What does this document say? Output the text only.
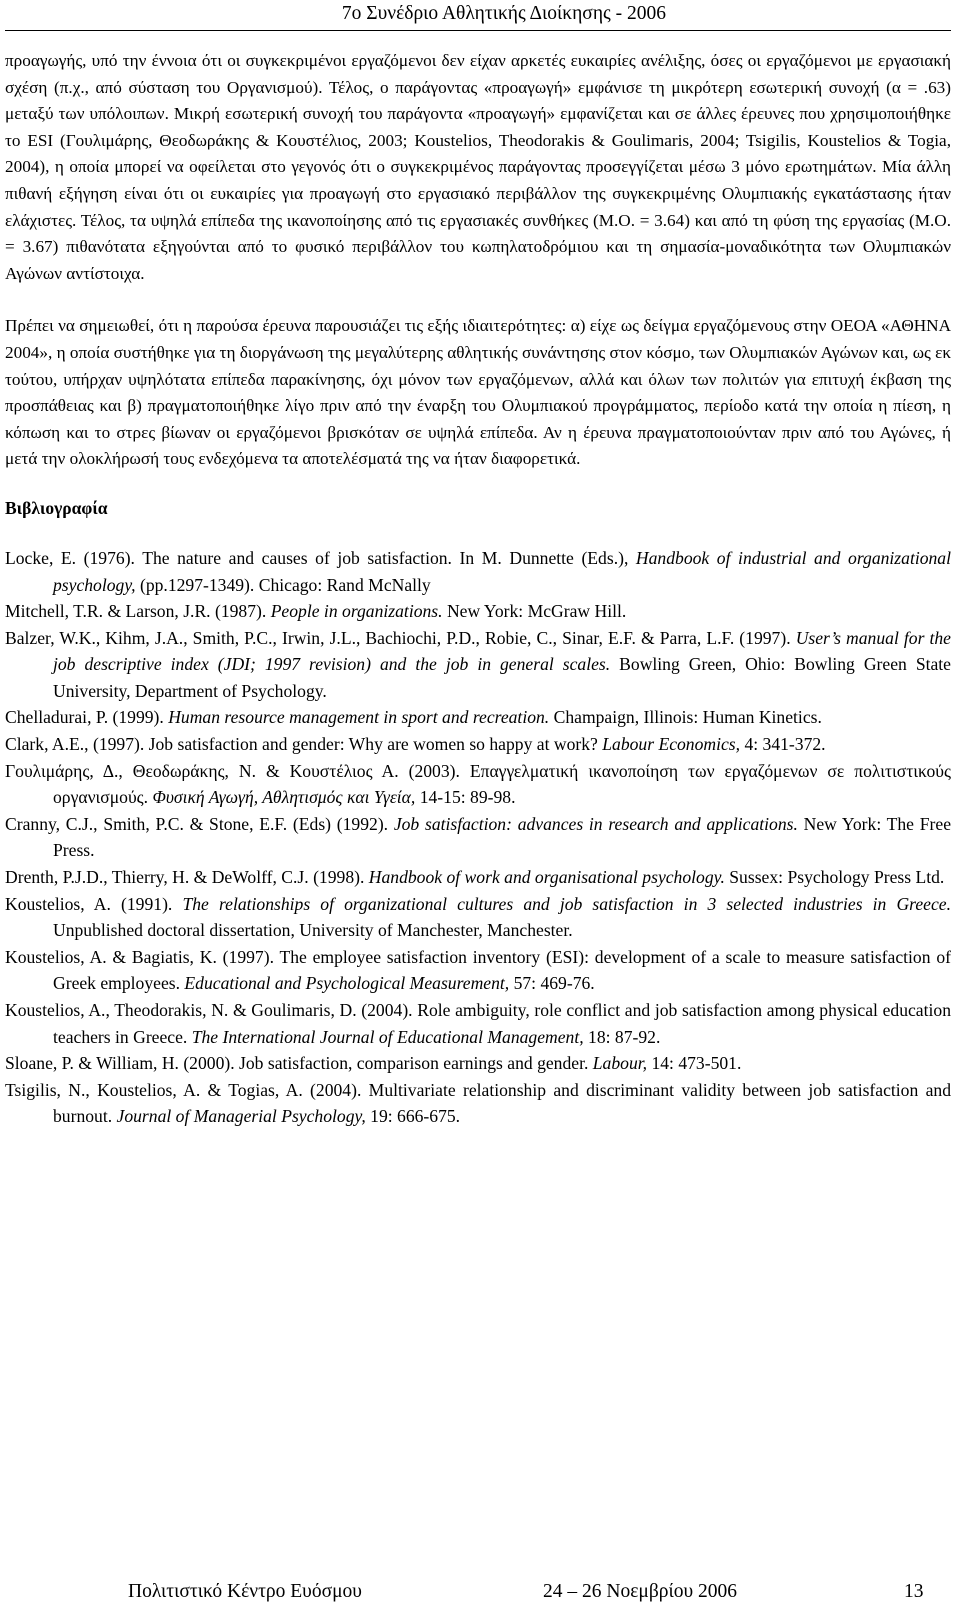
7ο Συνέδριο Αθλητικής Διοίκησης - 2006

προαγωγής, υπό την έννοια ότι οι συγκεκριμένοι εργαζόμενοι δεν είχαν αρκετές ευκαιρίες ανέλιξης, όσες οι εργαζόμενοι με εργασιακή σχέση (π.χ., από σύσταση του Οργανισμού). Τέλος, ο παράγοντας «προαγωγή» εμφάνισε τη μικρότερη εσωτερική συνοχή (α = .63) μεταξύ των υπόλοιπων. Μικρή εσωτερική συνοχή του παράγοντα «προαγωγή» εμφανίζεται και σε άλλες έρευνες που χρησιμοποιήθηκε το ESI (Γουλιμάρης, Θεοδωράκης & Κουστέλιος, 2003; Koustelios, Theodorakis & Goulimaris, 2004; Tsigilis, Koustelios & Togia, 2004), η οποία μπορεί να οφείλεται στο γεγονός ότι ο συγκεκριμένος παράγοντας προσεγγίζεται μέσω 3 μόνο ερωτημάτων. Μία άλλη πιθανή εξήγηση είναι ότι οι ευκαιρίες για προαγωγή στο εργασιακό περιβάλλον της συγκεκριμένης Ολυμπιακής εγκατάστασης ήταν ελάχιστες. Τέλος, τα υψηλά επίπεδα της ικανοποίησης από τις εργασιακές συνθήκες (Μ.Ο. = 3.64) και από τη φύση της εργασίας (Μ.Ο. = 3.67) πιθανότατα εξηγούνται από το φυσικό περιβάλλον του κωπηλατοδρόμιου και τη σημασία-μοναδικότητα των Ολυμπιακών Αγώνων αντίστοιχα.

Πρέπει να σημειωθεί, ότι η παρούσα έρευνα παρουσιάζει τις εξής ιδιαιτερότητες: α) είχε ως δείγμα εργαζόμενους στην ΟΕΟΑ «ΑΘΗΝΑ 2004», η οποία συστήθηκε για τη διοργάνωση της μεγαλύτερης αθλητικής συνάντησης στον κόσμο, των Ολυμπιακών Αγώνων και, ως εκ τούτου, υπήρχαν υψηλότατα επίπεδα παρακίνησης, όχι μόνον των εργαζόμενων, αλλά και όλων των πολιτών για επιτυχή έκβαση της προσπάθειας και β) πραγματοποιήθηκε λίγο πριν από την έναρξη του Ολυμπιακού προγράμματος, περίοδο κατά την οποία η πίεση, η κόπωση και το στρες βίωναν οι εργαζόμενοι βρισκόταν σε υψηλά επίπεδα. Αν η έρευνα πραγματοποιούνταν πριν από του Αγώνες, ή μετά την ολοκλήρωσή τους ενδεχόμενα τα αποτελέσματά της να ήταν διαφορετικά.

Βιβλιογραφία

Locke, E. (1976). The nature and causes of job satisfaction. In M. Dunnette (Eds.), Handbook of industrial and organizational psychology, (pp.1297-1349). Chicago: Rand McNally

Mitchell, T.R. & Larson, J.R. (1987). People in organizations. New York: McGraw Hill.

Balzer, W.K., Kihm, J.A., Smith, P.C., Irwin, J.L., Bachiochi, P.D., Robie, C., Sinar, E.F. & Parra, L.F. (1997). User’s manual for the job descriptive index (JDI; 1997 revision) and the job in general scales. Bowling Green, Ohio: Bowling Green State University, Department of Psychology.

Chelladurai, P. (1999). Human resource management in sport and recreation. Champaign, Illinois: Human Kinetics.

Clark, A.E., (1997). Job satisfaction and gender: Why are women so happy at work? Labour Economics, 4: 341-372.

Γουλιμάρης, Δ., Θεοδωράκης, Ν. & Κουστέλιος Α. (2003). Επαγγελματική ικανοποίηση των εργαζόμενων σε πολιτιστικούς οργανισμούς. Φυσική Αγωγή, Αθλητισμός και Υγεία, 14-15: 89-98.

Cranny, C.J., Smith, P.C. & Stone, E.F. (Eds) (1992). Job satisfaction: advances in research and applications. New York: The Free Press.

Drenth, P.J.D., Thierry, H. & DeWolff, C.J. (1998). Handbook of work and organisational psychology. Sussex: Psychology Press Ltd.

Koustelios, A. (1991). The relationships of organizational cultures and job satisfaction in 3 selected industries in Greece. Unpublished doctoral dissertation, University of Manchester, Manchester.

Koustelios, A. & Bagiatis, K. (1997). The employee satisfaction inventory (ESI): development of a scale to measure satisfaction of Greek employees. Educational and Psychological Measurement, 57: 469-76.

Koustelios, A., Theodorakis, N. & Goulimaris, D. (2004). Role ambiguity, role conflict and job satisfaction among physical education teachers in Greece. The International Journal of Educational Management, 18: 87-92.

Sloane, P. & William, H. (2000). Job satisfaction, comparison earnings and gender. Labour, 14: 473-501.

Tsigilis, N., Koustelios, A. & Togias, A. (2004). Multivariate relationship and discriminant validity between job satisfaction and burnout. Journal of Managerial Psychology, 19: 666-675.

Πολιτιστικό Κέντρο Ευόσμου	24 – 26 Νοεμβρίου 2006	13
